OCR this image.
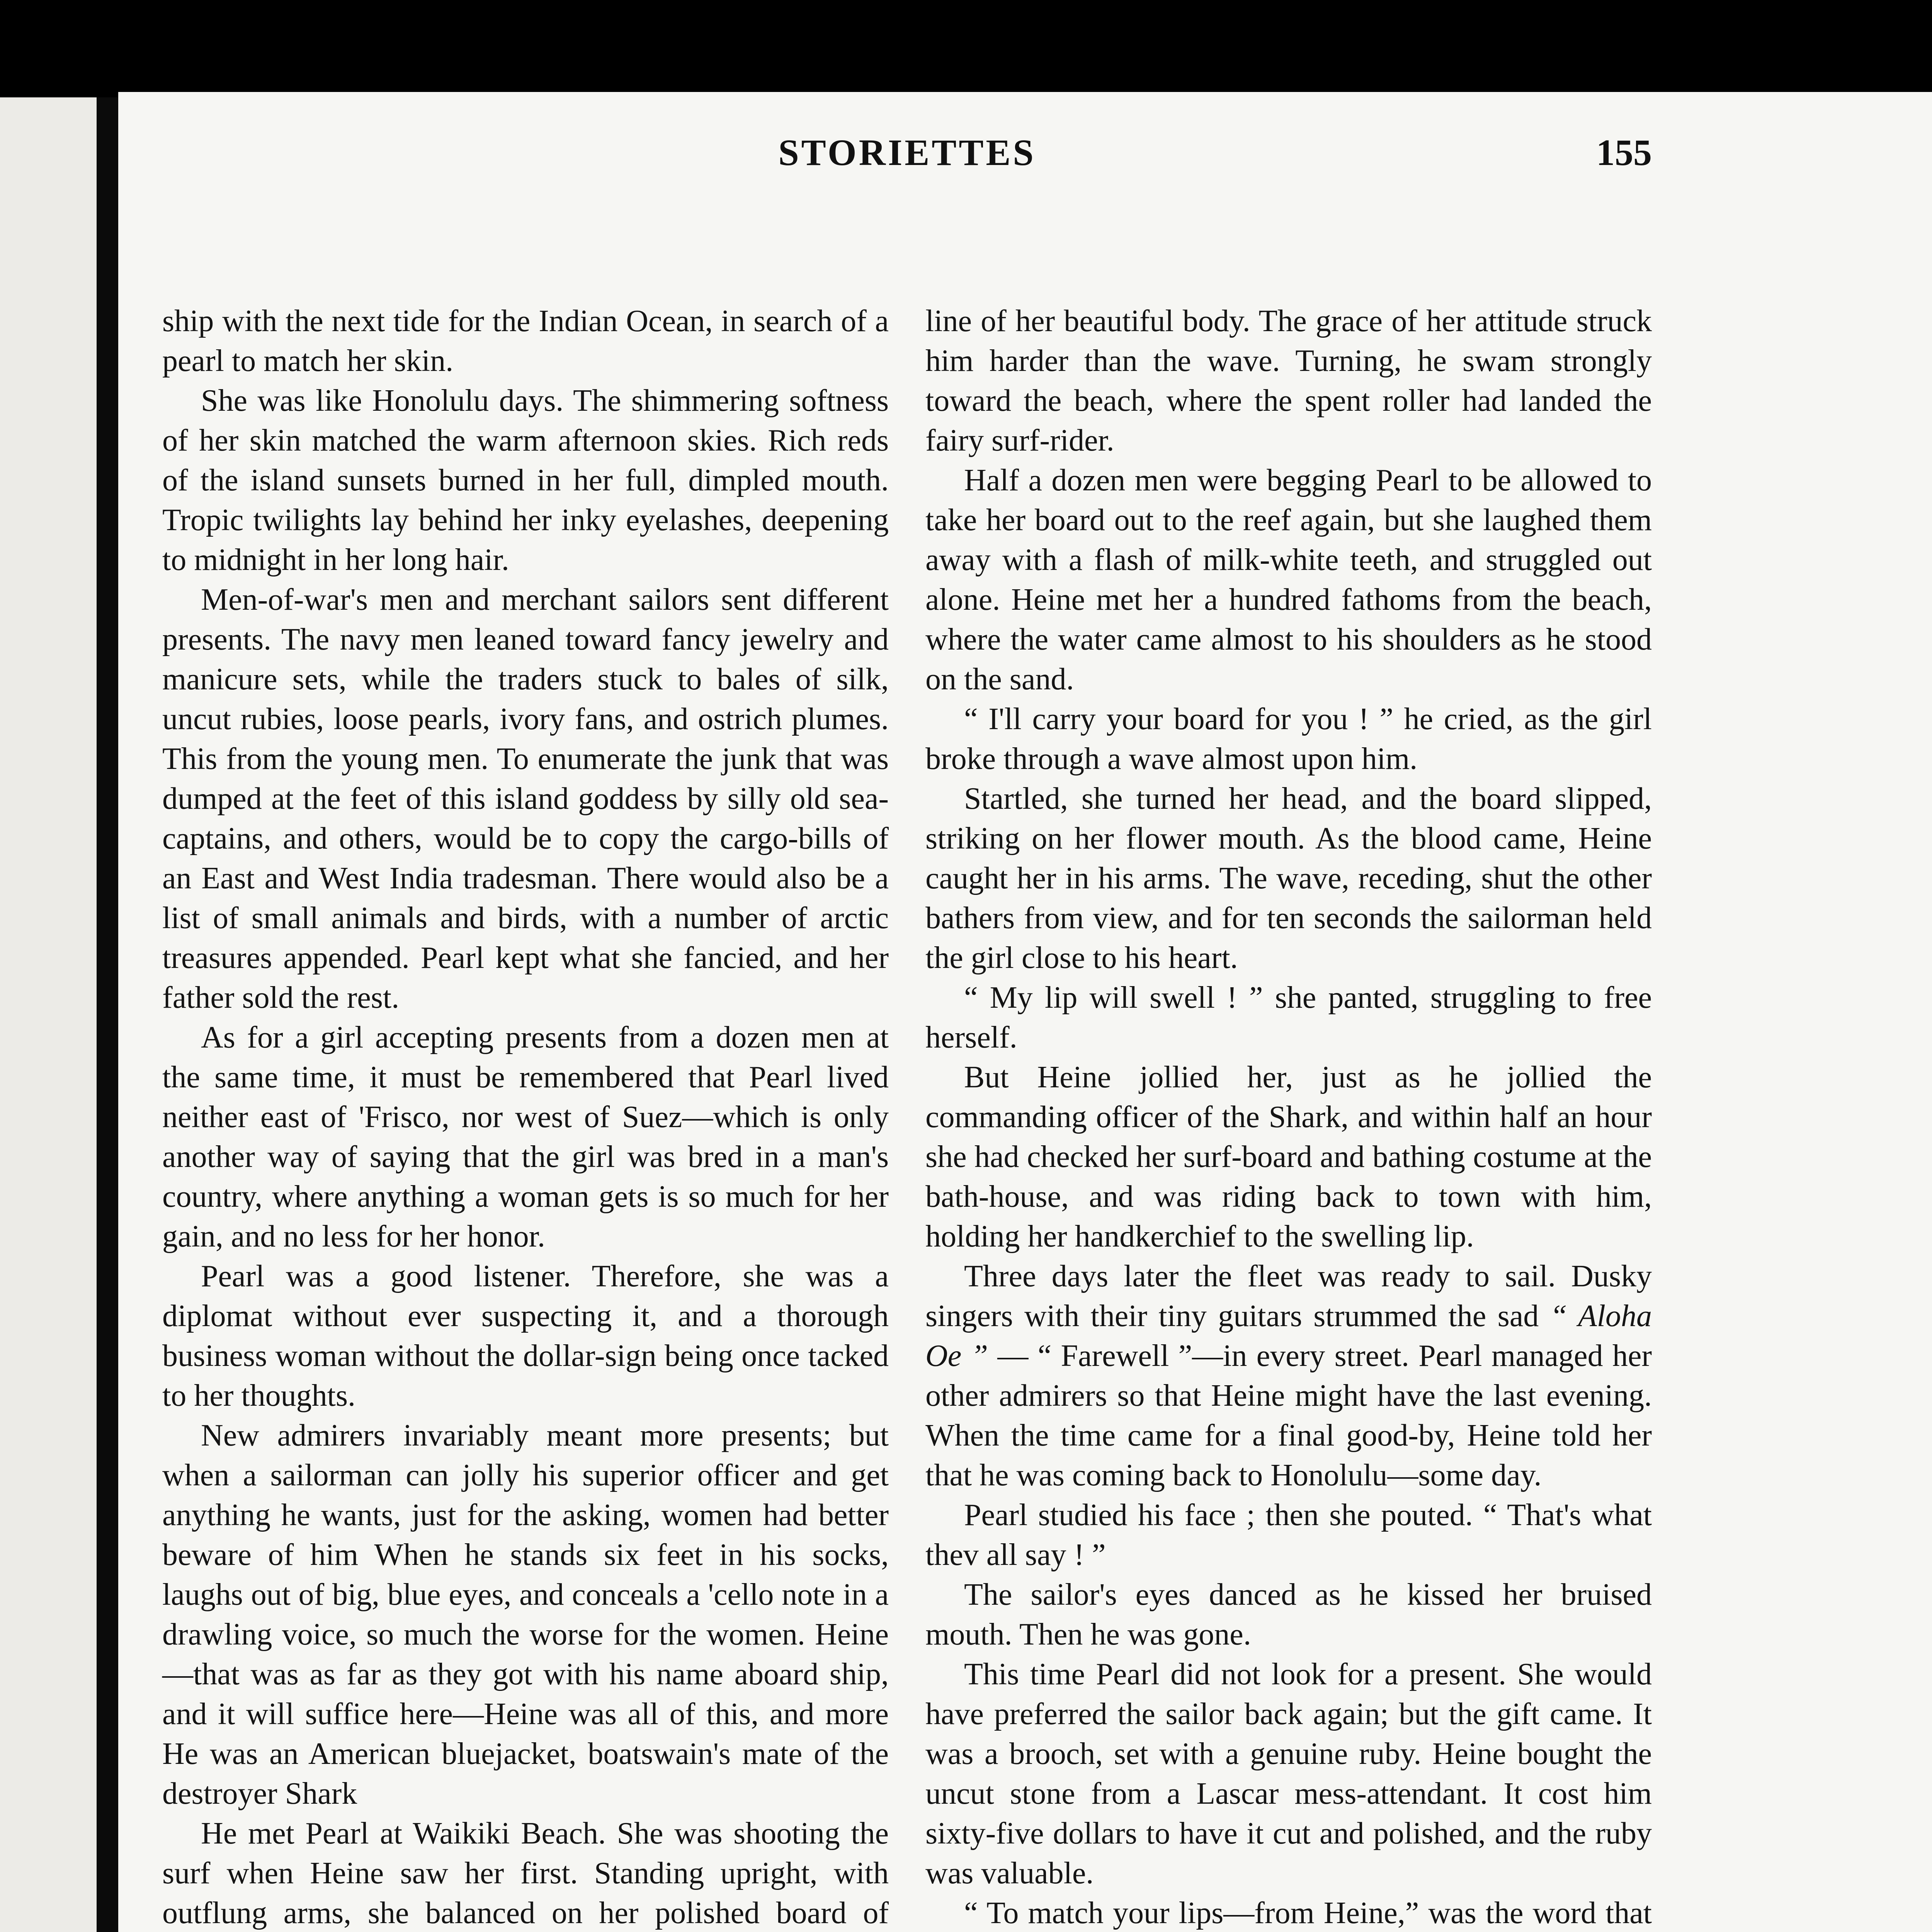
STORIETTES	155

ship with the next tide for the Indian Ocean, in search of a pearl to match her skin.

She was like Honolulu days. The shimmering softness of her skin matched the warm afternoon skies. Rich reds of the island sunsets burned in her full, dimpled mouth. Tropic twilights lay behind her inky eyelashes, deepening to midnight in her long hair.

Men-of-war's men and merchant sailors sent different presents. The navy men leaned toward fancy jewelry and manicure sets, while the traders stuck to bales of silk, uncut rubies, loose pearls, ivory fans, and ostrich plumes. This from the young men. To enumerate the junk that was dumped at the feet of this island goddess by silly old sea-captains, and others, would be to copy the cargo-bills of an East and West India tradesman. There would also be a list of small animals and birds, with a number of arctic treasures appended. Pearl kept what she fancied, and her father sold the rest.

As for a girl accepting presents from a dozen men at the same time, it must be remembered that Pearl lived neither east of 'Frisco, nor west of Suez—which is only another way of saying that the girl was bred in a man's country, where anything a woman gets is so much for her gain, and no less for her honor.

Pearl was a good listener. Therefore, she was a diplomat without ever suspecting it, and a thorough business woman without the dollar-sign being once tacked to her thoughts.

New admirers invariably meant more presents; but when a sailorman can jolly his superior officer and get anything he wants, just for the asking, women had better beware of him When he stands six feet in his socks, laughs out of big, blue eyes, and conceals a 'cello note in a drawling voice, so much the worse for the women. Heine—that was as far as they got with his name aboard ship, and it will suffice here—Heine was all of this, and more He was an American bluejacket, boatswain's mate of the destroyer Shark

He met Pearl at Waikiki Beach. She was shooting the surf when Heine saw her first. Standing upright, with outflung arms, she balanced on her polished board of

line of her beautiful body. The grace of her attitude struck him harder than the wave. Turning, he swam strongly toward the beach, where the spent roller had landed the fairy surf-rider.

Half a dozen men were begging Pearl to be allowed to take her board out to the reef again, but she laughed them away with a flash of milk-white teeth, and struggled out alone. Heine met her a hundred fathoms from the beach, where the water came almost to his shoulders as he stood on the sand.

“ I'll carry your board for you ! ” he cried, as the girl broke through a wave almost upon him.

Startled, she turned her head, and the board slipped, striking on her flower mouth. As the blood came, Heine caught her in his arms. The wave, receding, shut the other bathers from view, and for ten seconds the sailorman held the girl close to his heart.

“ My lip will swell ! ” she panted, struggling to free herself.

But Heine jollied her, just as he jollied the commanding officer of the Shark, and within half an hour she had checked her surf-board and bathing costume at the bath-house, and was riding back to town with him, holding her handkerchief to the swelling lip.

Three days later the fleet was ready to sail. Dusky singers with their tiny guitars strummed the sad “ Aloha Oe ” — “ Farewell ”—in every street. Pearl managed her other admirers so that Heine might have the last evening. When the time came for a final good-by, Heine told her that he was coming back to Honolulu—some day.

Pearl studied his face ; then she pouted. “ That's what thev all say ! ”

The sailor's eyes danced as he kissed her bruised mouth. Then he was gone.

This time Pearl did not look for a present. She would have preferred the sailor back again; but the gift came. It was a brooch, set with a genuine ruby. Heine bought the uncut stone from a Lascar mess-attendant. It cost him sixty-five dollars to have it cut and polished, and the ruby was valuable.

“ To match your lips—from Heine,” was the word that
